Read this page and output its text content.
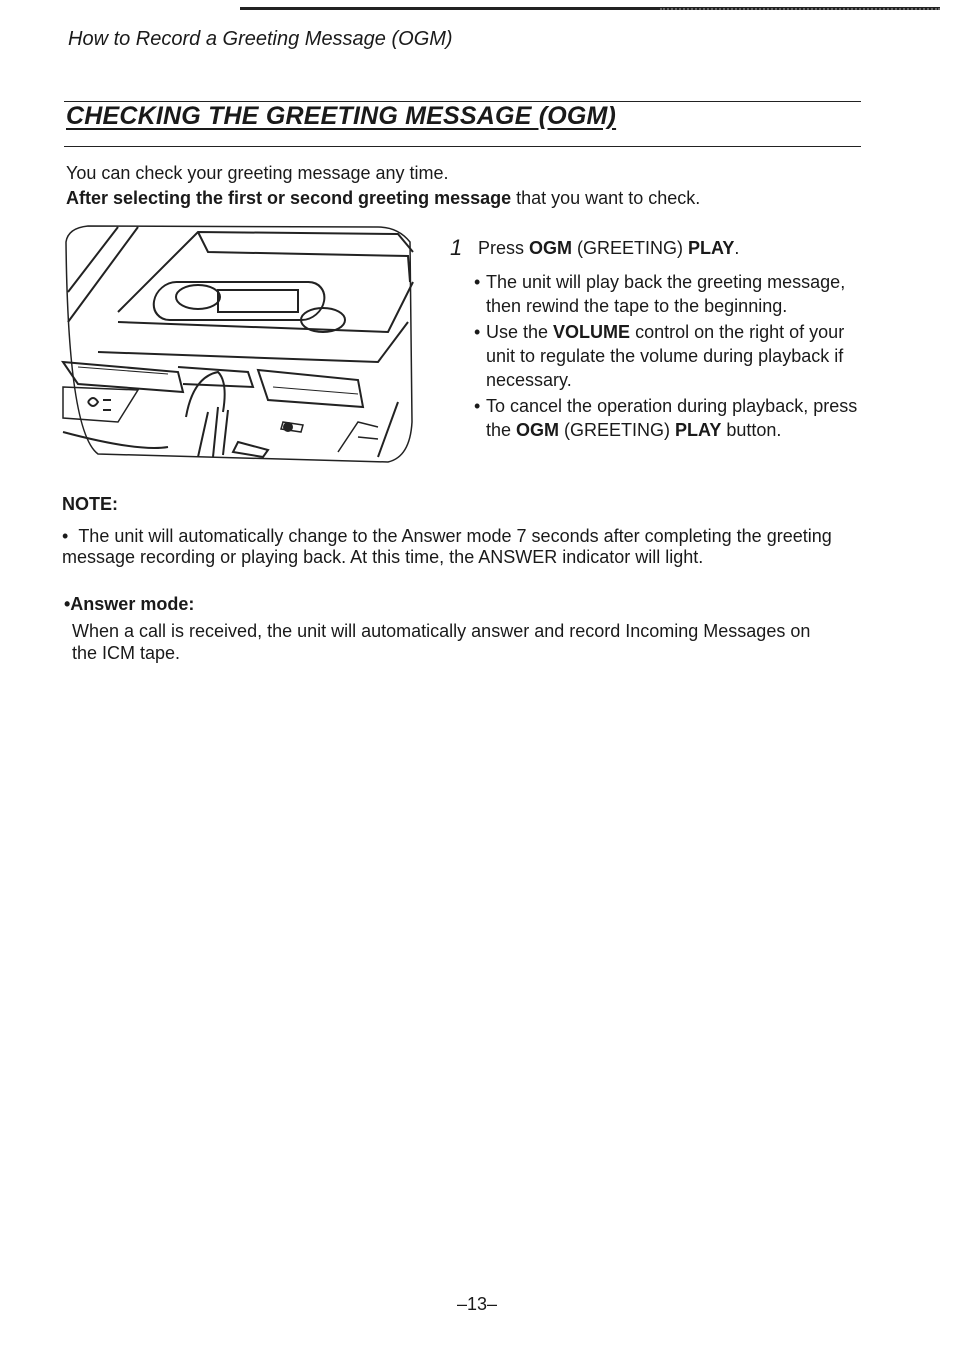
How to Record a Greeting Message (OGM)
CHECKING THE GREETING MESSAGE (OGM)
You can check your greeting message any time.
After selecting the first or second greeting message that you want to check.
1 Press OGM (GREETING) PLAY.
• The unit will play back the greeting message, then rewind the tape to the beginning.
• Use the VOLUME control on the right of your unit to regulate the volume during playback if necessary.
• To cancel the operation during playback, press the OGM (GREETING) PLAY button.
NOTE:
• The unit will automatically change to the Answer mode 7 seconds after completing the greeting message recording or playing back. At this time, the ANSWER indicator will light.
•Answer mode:
When a call is received, the unit will automatically answer and record Incoming Messages on the ICM tape.
–13–
